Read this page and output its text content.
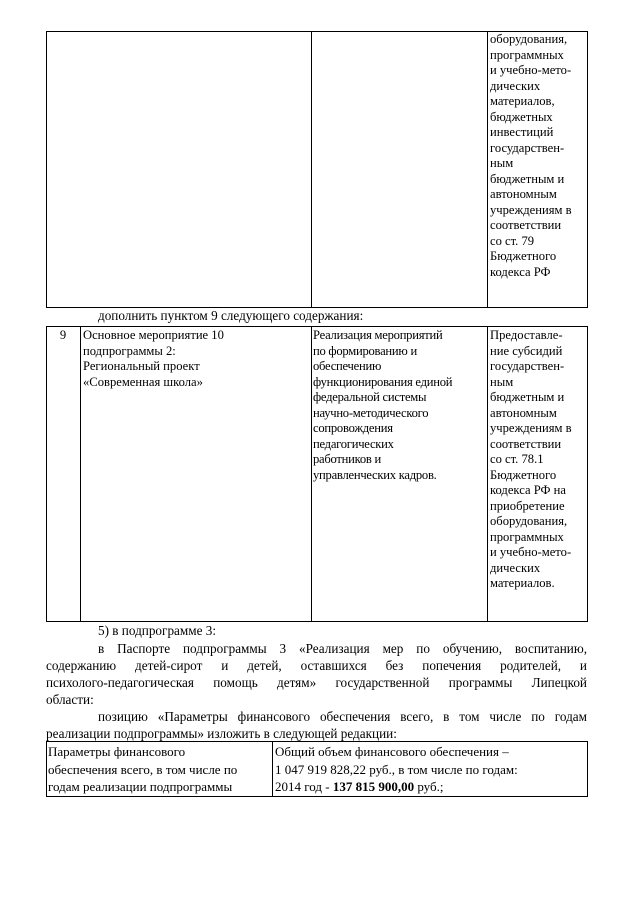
оборудования,
программных
и учебно-мето-
дических
материалов,
бюджетных
инвестиций
государствен-
ным
бюджетным и
автономным
учреждениям в
соответствии
со ст. 79
Бюджетного
кодекса РФ
дополнить пунктом 9 следующего содержания:
9	Основное мероприятие 10
подпрограммы 2:
Региональный проект
«Современная школа»
Реализация мероприятий
по формированию и
обеспечению
функционирования единой
федеральной системы
научно-методического
сопровождения
педагогических
работников и
управленческих кадров.
Предоставле-
ние субсидий
государствен-
ным
бюджетным и
автономным
учреждениям в
соответствии
со ст. 78.1
Бюджетного
кодекса РФ на
приобретение
оборудования,
программных
и учебно-мето-
дических
материалов.
5) в подпрограмме 3:
в Паспорте подпрограммы 3 «Реализация мер по обучению, воспитанию,
содержанию детей-сирот и детей, оставшихся без попечения родителей, и
психолого-педагогическая помощь детям» государственной программы Липецкой
области:
позицию «Параметры финансового обеспечения всего, в том числе по годам
реализации подпрограммы» изложить в следующей редакции:
Параметры финансового
обеспечения всего, в том числе по
годам реализации подпрограммы
Общий объем финансового обеспечения –
1 047 919 828,22 руб., в том числе по годам:
2014 год - 137 815 900,00 руб.;
